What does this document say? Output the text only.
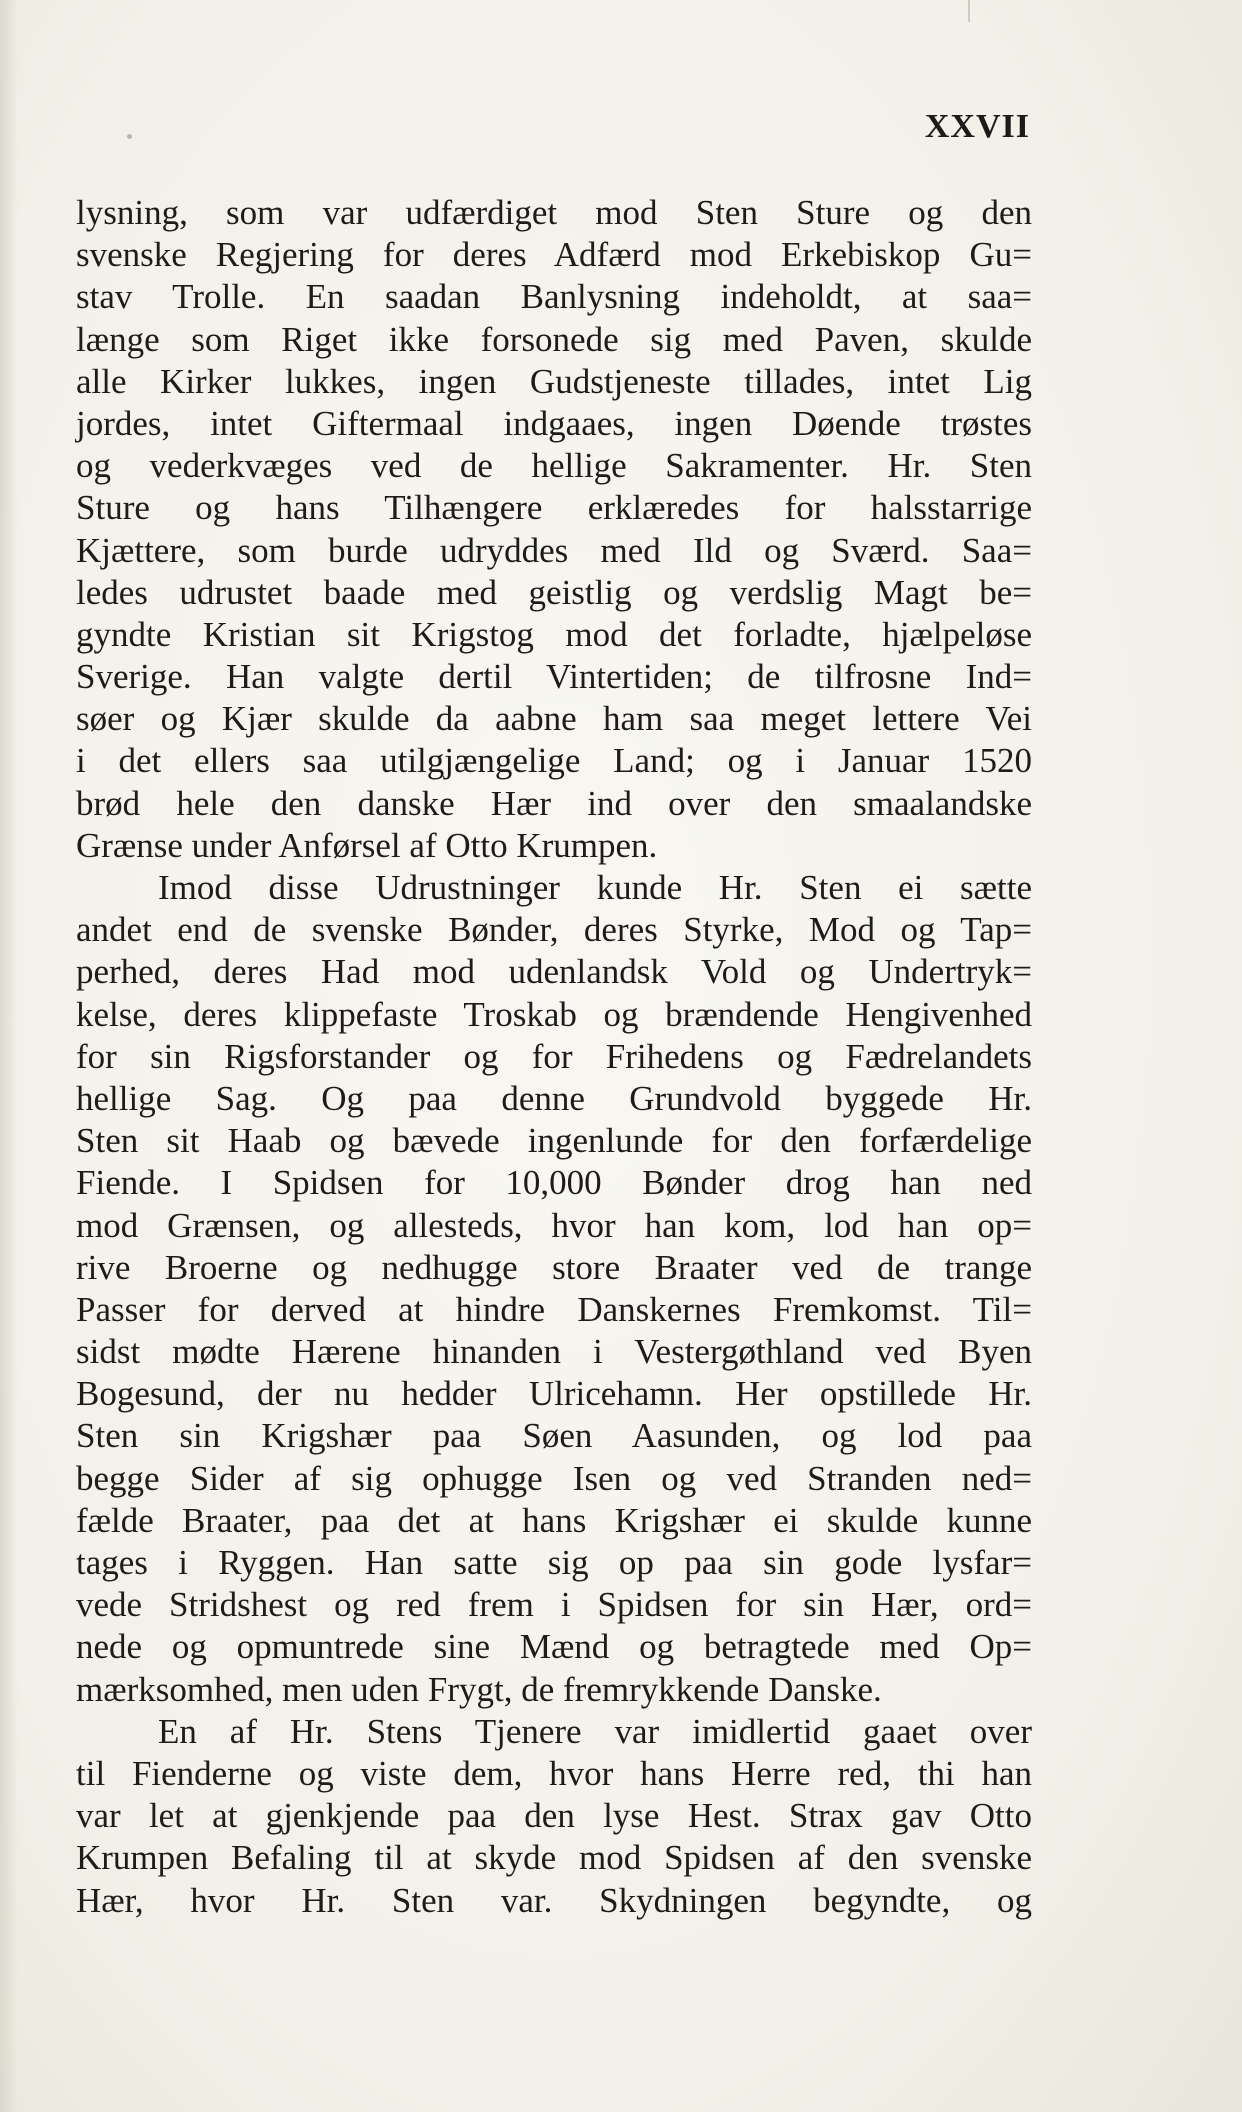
XXVII
lysning, som var udfærdiget mod Sten Sture og den
svenske Regjering for deres Adfærd mod Erkebiskop Gu=
stav Trolle. En saadan Banlysning indeholdt, at saa=
længe som Riget ikke forsonede sig med Paven, skulde
alle Kirker lukkes, ingen Gudstjeneste tillades, intet Lig
jordes, intet Giftermaal indgaaes, ingen Døende trøstes
og vederkvæges ved de hellige Sakramenter. Hr. Sten
Sture og hans Tilhængere erklæredes for halsstarrige
Kjættere, som burde udryddes med Ild og Sværd. Saa=
ledes udrustet baade med geistlig og verdslig Magt be=
gyndte Kristian sit Krigstog mod det forladte, hjælpeløse
Sverige. Han valgte dertil Vintertiden; de tilfrosne Ind=
søer og Kjær skulde da aabne ham saa meget lettere Vei
i det ellers saa utilgjængelige Land; og i Januar 1520
brød hele den danske Hær ind over den smaalandske
Grænse under Anførsel af Otto Krumpen.
Imod disse Udrustninger kunde Hr. Sten ei sætte
andet end de svenske Bønder, deres Styrke, Mod og Tap=
perhed, deres Had mod udenlandsk Vold og Undertryk=
kelse, deres klippefaste Troskab og brændende Hengivenhed
for sin Rigsforstander og for Frihedens og Fædrelandets
hellige Sag. Og paa denne Grundvold byggede Hr.
Sten sit Haab og bævede ingenlunde for den forfærdelige
Fiende. I Spidsen for 10,000 Bønder drog han ned
mod Grænsen, og allesteds, hvor han kom, lod han op=
rive Broerne og nedhugge store Braater ved de trange
Passer for derved at hindre Danskernes Fremkomst. Til=
sidst mødte Hærene hinanden i Vestergøthland ved Byen
Bogesund, der nu hedder Ulricehamn. Her opstillede Hr.
Sten sin Krigshær paa Søen Aasunden, og lod paa
begge Sider af sig ophugge Isen og ved Stranden ned=
fælde Braater, paa det at hans Krigshær ei skulde kunne
tages i Ryggen. Han satte sig op paa sin gode lysfar=
vede Stridshest og red frem i Spidsen for sin Hær, ord=
nede og opmuntrede sine Mænd og betragtede med Op=
mærksomhed, men uden Frygt, de fremrykkende Danske.
En af Hr. Stens Tjenere var imidlertid gaaet over
til Fienderne og viste dem, hvor hans Herre red, thi han
var let at gjenkjende paa den lyse Hest. Strax gav Otto
Krumpen Befaling til at skyde mod Spidsen af den svenske
Hær, hvor Hr. Sten var. Skydningen begyndte, og
